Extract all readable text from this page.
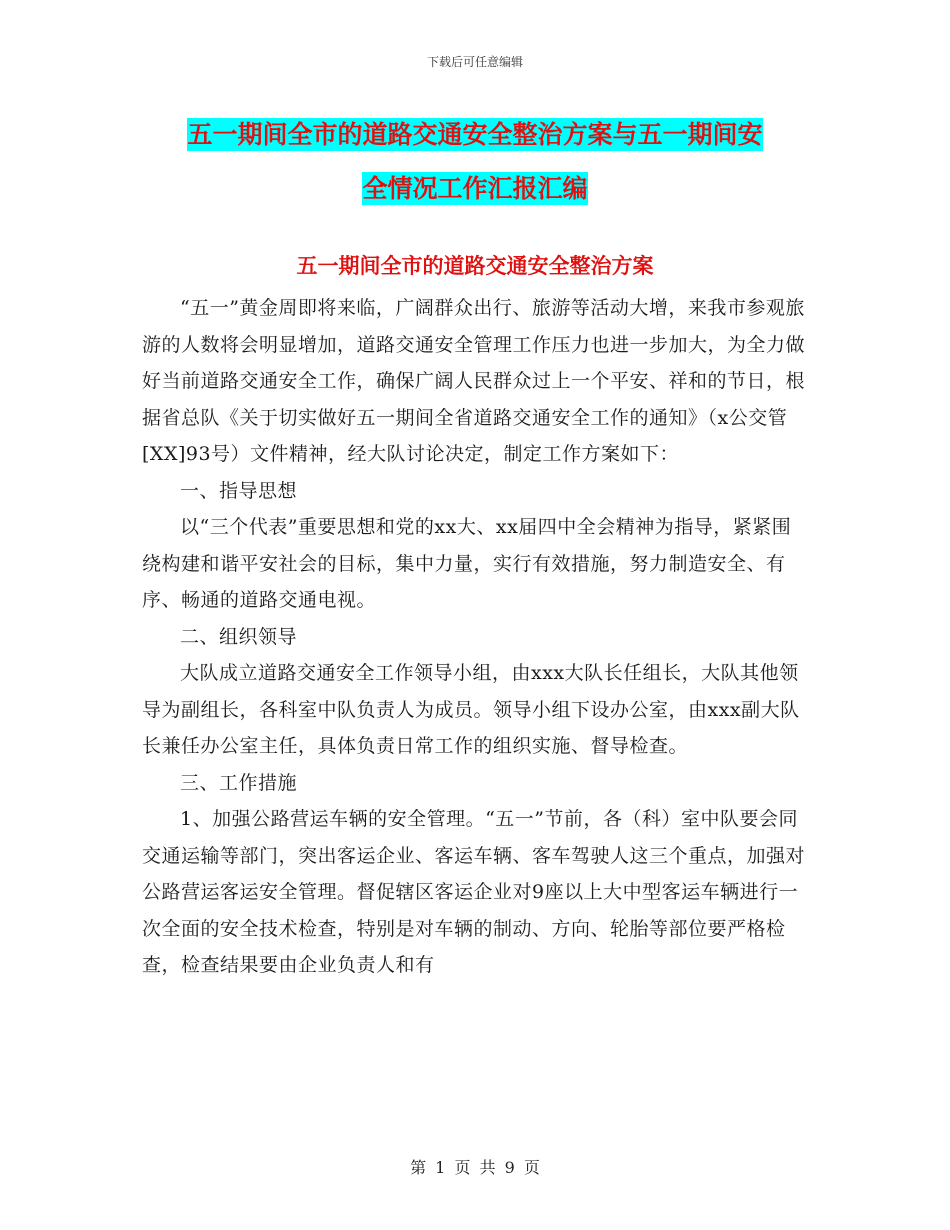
下载后可任意编辑
五一期间全市的道路交通安全整治方案与五一期间安
全情况工作汇报汇编
五一期间全市的道路交通安全整治方案

“五一”黄金周即将来临，广阔群众出行、旅游等活动大增，来我市参观旅游的人数将会明显增加，道路交通安全管理工作压力也进一步加大，为全力做好当前道路交通安全工作，确保广阔人民群众过上一个平安、祥和的节日，根据省总队《关于切实做好五一期间全省道路交通安全工作的通知》（x公交管[XX]93号）文件精神，经大队讨论决定，制定工作方案如下：

一、指导思想

以“三个代表”重要思想和党的xx大、xx届四中全会精神为指导，紧紧围绕构建和谐平安社会的目标，集中力量，实行有效措施，努力制造安全、有序、畅通的道路交通电视。

二、组织领导

大队成立道路交通安全工作领导小组，由xxx大队长任组长，大队其他领导为副组长，各科室中队负责人为成员。领导小组下设办公室，由xxx副大队长兼任办公室主任，具体负责日常工作的组织实施、督导检查。

三、工作措施

1、加强公路营运车辆的安全管理。“五一”节前，各（科）室中队要会同交通运输等部门，突出客运企业、客运车辆、客车驾驶人这三个重点，加强对公路营运客运安全管理。督促辖区客运企业对9座以上大中型客运车辆进行一次全面的安全技术检查，特别是对车辆的制动、方向、轮胎等部位要严格检查，检查结果要由企业负责人和有

第 1 页 共 9 页
